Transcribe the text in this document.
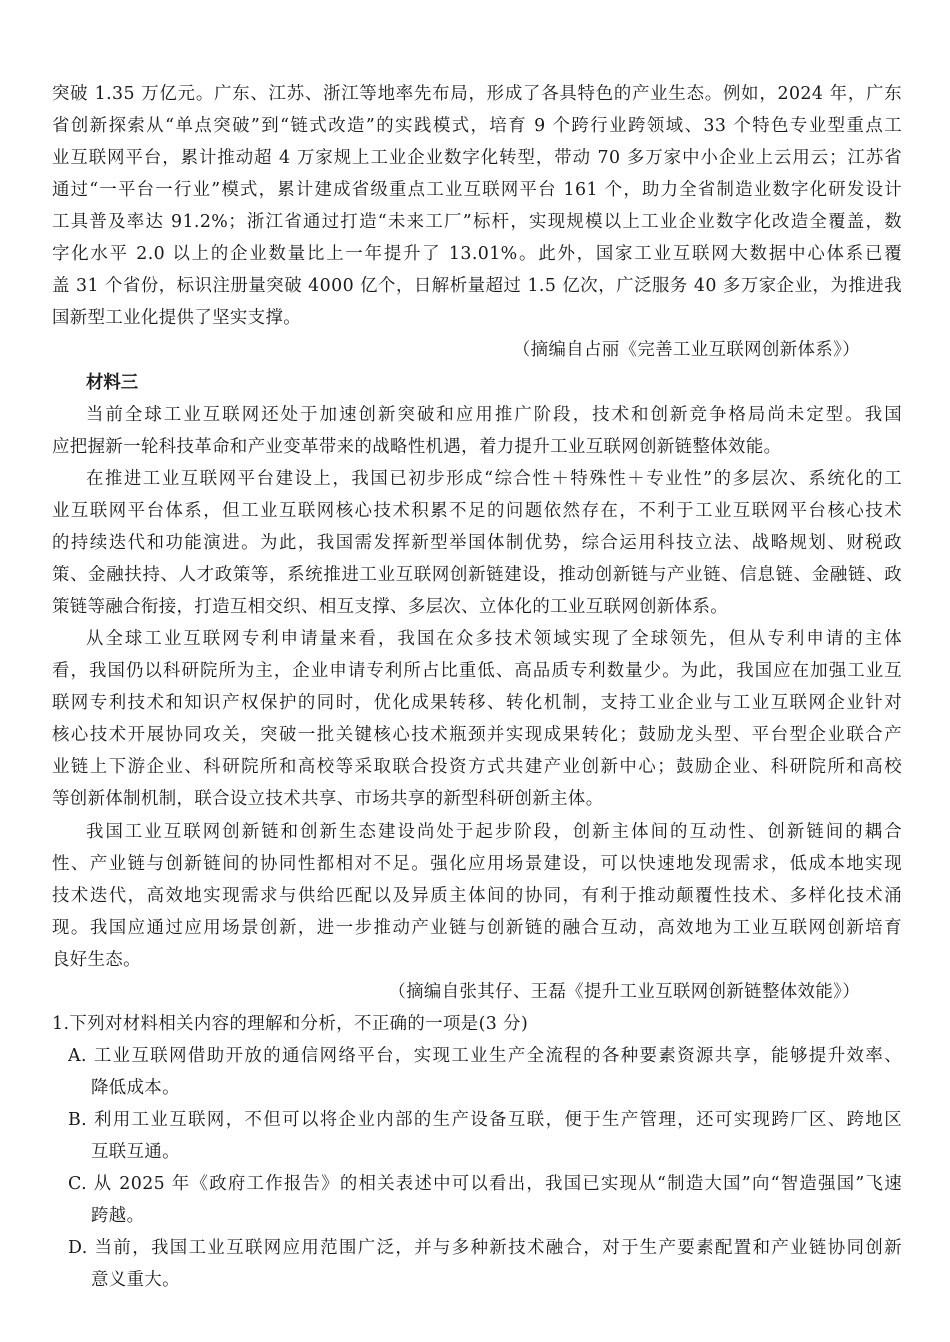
突破 1.35 万亿元。广东、江苏、浙江等地率先布局，形成了各具特色的产业生态。例如，2024 年，广东
省创新探索从“单点突破”到“链式改造”的实践模式，培育 9 个跨行业跨领域、33 个特色专业型重点工
业互联网平台，累计推动超 4 万家规上工业企业数字化转型，带动 70 多万家中小企业上云用云；江苏省
通过“一平台一行业”模式，累计建成省级重点工业互联网平台 161 个，助力全省制造业数字化研发设计
工具普及率达 91.2%；浙江省通过打造“未来工厂”标杆，实现规模以上工业企业数字化改造全覆盖，数
字化水平 2.0 以上的企业数量比上一年提升了 13.01%。此外，国家工业互联网大数据中心体系已覆
盖 31 个省份，标识注册量突破 4000 亿个，日解析量超过 1.5 亿次，广泛服务 40 多万家企业，为推进我
国新型工业化提供了坚实支撑。
（摘编自占丽《完善工业互联网创新体系》）
材料三
当前全球工业互联网还处于加速创新突破和应用推广阶段，技术和创新竞争格局尚未定型。我国
应把握新一轮科技革命和产业变革带来的战略性机遇，着力提升工业互联网创新链整体效能。
在推进工业互联网平台建设上，我国已初步形成“综合性＋特殊性＋专业性”的多层次、系统化的工
业互联网平台体系，但工业互联网核心技术积累不足的问题依然存在，不利于工业互联网平台核心技术
的持续迭代和功能演进。为此，我国需发挥新型举国体制优势，综合运用科技立法、战略规划、财税政
策、金融扶持、人才政策等，系统推进工业互联网创新链建设，推动创新链与产业链、信息链、金融链、政
策链等融合衔接，打造互相交织、相互支撑、多层次、立体化的工业互联网创新体系。
从全球工业互联网专利申请量来看，我国在众多技术领域实现了全球领先，但从专利申请的主体
看，我国仍以科研院所为主，企业申请专利所占比重低、高品质专利数量少。为此，我国应在加强工业互
联网专利技术和知识产权保护的同时，优化成果转移、转化机制，支持工业企业与工业互联网企业针对
核心技术开展协同攻关，突破一批关键核心技术瓶颈并实现成果转化；鼓励龙头型、平台型企业联合产
业链上下游企业、科研院所和高校等采取联合投资方式共建产业创新中心；鼓励企业、科研院所和高校
等创新体制机制，联合设立技术共享、市场共享的新型科研创新主体。
我国工业互联网创新链和创新生态建设尚处于起步阶段，创新主体间的互动性、创新链间的耦合
性、产业链与创新链间的协同性都相对不足。强化应用场景建设，可以快速地发现需求，低成本地实现
技术迭代，高效地实现需求与供给匹配以及异质主体间的协同，有利于推动颠覆性技术、多样化技术涌
现。我国应通过应用场景创新，进一步推动产业链与创新链的融合互动，高效地为工业互联网创新培育
良好生态。
（摘编自张其仔、王磊《提升工业互联网创新链整体效能》）
1.下列对材料相关内容的理解和分析，不正确的一项是(3 分)
A. 工业互联网借助开放的通信网络平台，实现工业生产全流程的各种要素资源共享，能够提升效率、
降低成本。
B. 利用工业互联网，不但可以将企业内部的生产设备互联，便于生产管理，还可实现跨厂区、跨地区
互联互通。
C. 从 2025 年《政府工作报告》的相关表述中可以看出，我国已实现从“制造大国”向“智造强国”飞速
跨越。
D. 当前，我国工业互联网应用范围广泛，并与多种新技术融合，对于生产要素配置和产业链协同创新
意义重大。
